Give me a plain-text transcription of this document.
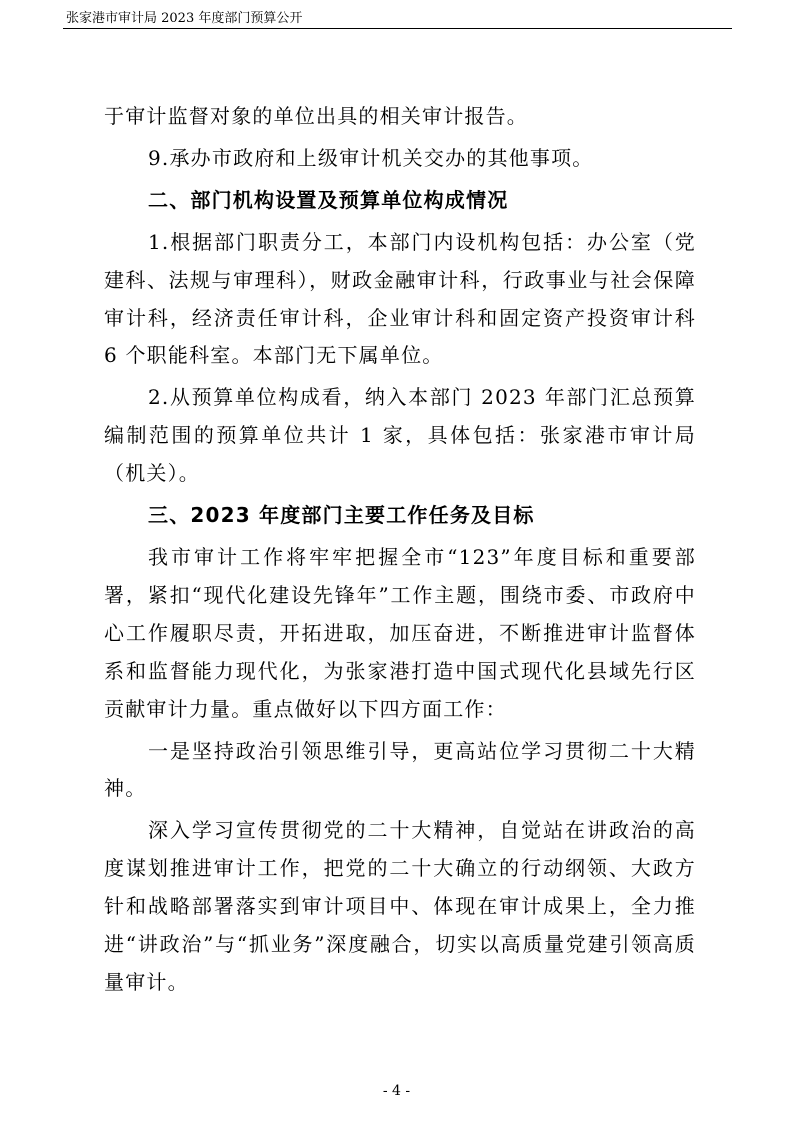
张家港市审计局 2023 年度部门预算公开

于审计监督对象的单位出具的相关审计报告。

9.承办市政府和上级审计机关交办的其他事项。

二、部门机构设置及预算单位构成情况

1.根据部门职责分工，本部门内设机构包括：办公室（党建科、法规与审理科），财政金融审计科，行政事业与社会保障审计科，经济责任审计科，企业审计科和固定资产投资审计科 6 个职能科室。本部门无下属单位。

2.从预算单位构成看，纳入本部门 2023 年部门汇总预算编制范围的预算单位共计 1 家，具体包括：张家港市审计局（机关）。

三、2023 年度部门主要工作任务及目标

我市审计工作将牢牢把握全市“123”年度目标和重要部署，紧扣“现代化建设先锋年”工作主题，围绕市委、市政府中心工作履职尽责，开拓进取，加压奋进，不断推进审计监督体系和监督能力现代化，为张家港打造中国式现代化县域先行区贡献审计力量。重点做好以下四方面工作：

一是坚持政治引领思维引导，更高站位学习贯彻二十大精神。

深入学习宣传贯彻党的二十大精神，自觉站在讲政治的高度谋划推进审计工作，把党的二十大确立的行动纲领、大政方针和战略部署落实到审计项目中、体现在审计成果上，全力推进“讲政治”与“抓业务”深度融合，切实以高质量党建引领高质量审计。

- 4 -
